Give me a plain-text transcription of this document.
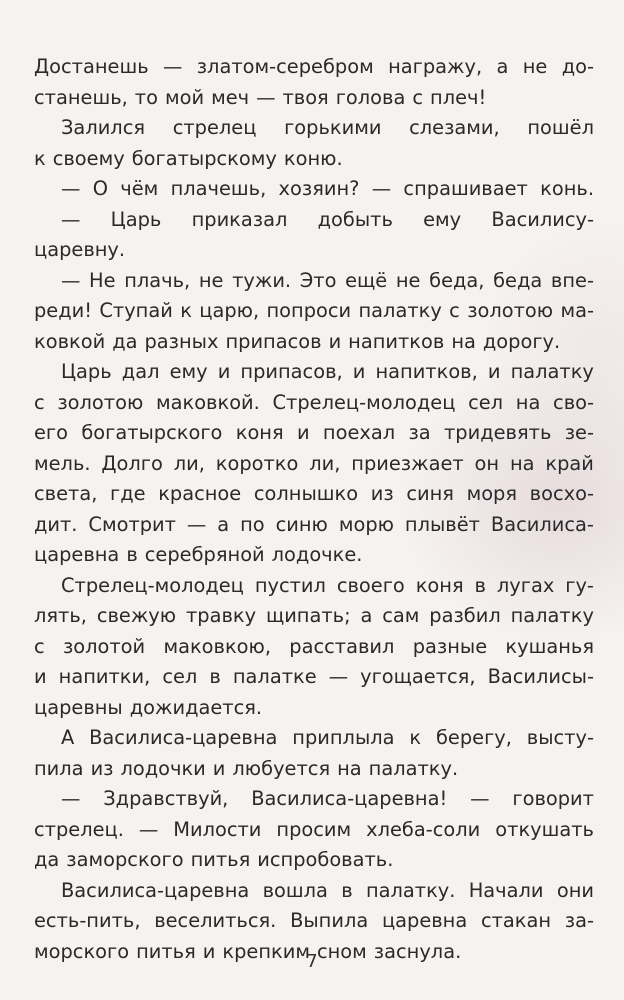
Достанешь — златом-серебром награжу, а не до-
станешь, то мой меч — твоя голова с плеч!
Залился стрелец горькими слезами, пошёл
к своему богатырскому коню.
— О чём плачешь, хозяин? — спрашивает конь.
— Царь приказал добыть ему Василису-
царевну.
— Не плачь, не тужи. Это ещё не беда, беда впе-
реди! Ступай к царю, попроси палатку с золотою ма-
ковкой да разных припасов и напитков на дорогу.
Царь дал ему и припасов, и напитков, и палатку
с золотою маковкой. Стрелец-молодец сел на сво-
его богатырского коня и поехал за тридевять зе-
мель. Долго ли, коротко ли, приезжает он на край
света, где красное солнышко из синя моря восхо-
дит. Смотрит — а по синю морю плывёт Василиса-
царевна в серебряной лодочке.
Стрелец-молодец пустил своего коня в лугах гу-
лять, свежую травку щипать; а сам разбил палатку
с золотой маковкою, расставил разные кушанья
и напитки, сел в палатке — угощается, Василисы-
царевны дожидается.
А Василиса-царевна приплыла к берегу, высту-
пила из лодочки и любуется на палатку.
— Здравствуй, Василиса-царевна! — говорит
стрелец. — Милости просим хлеба-соли откушать
да заморского питья испробовать.
Василиса-царевна вошла в палатку. Начали они
есть-пить, веселиться. Выпила царевна стакан за-
морского питья и крепким сном заснула.
7
